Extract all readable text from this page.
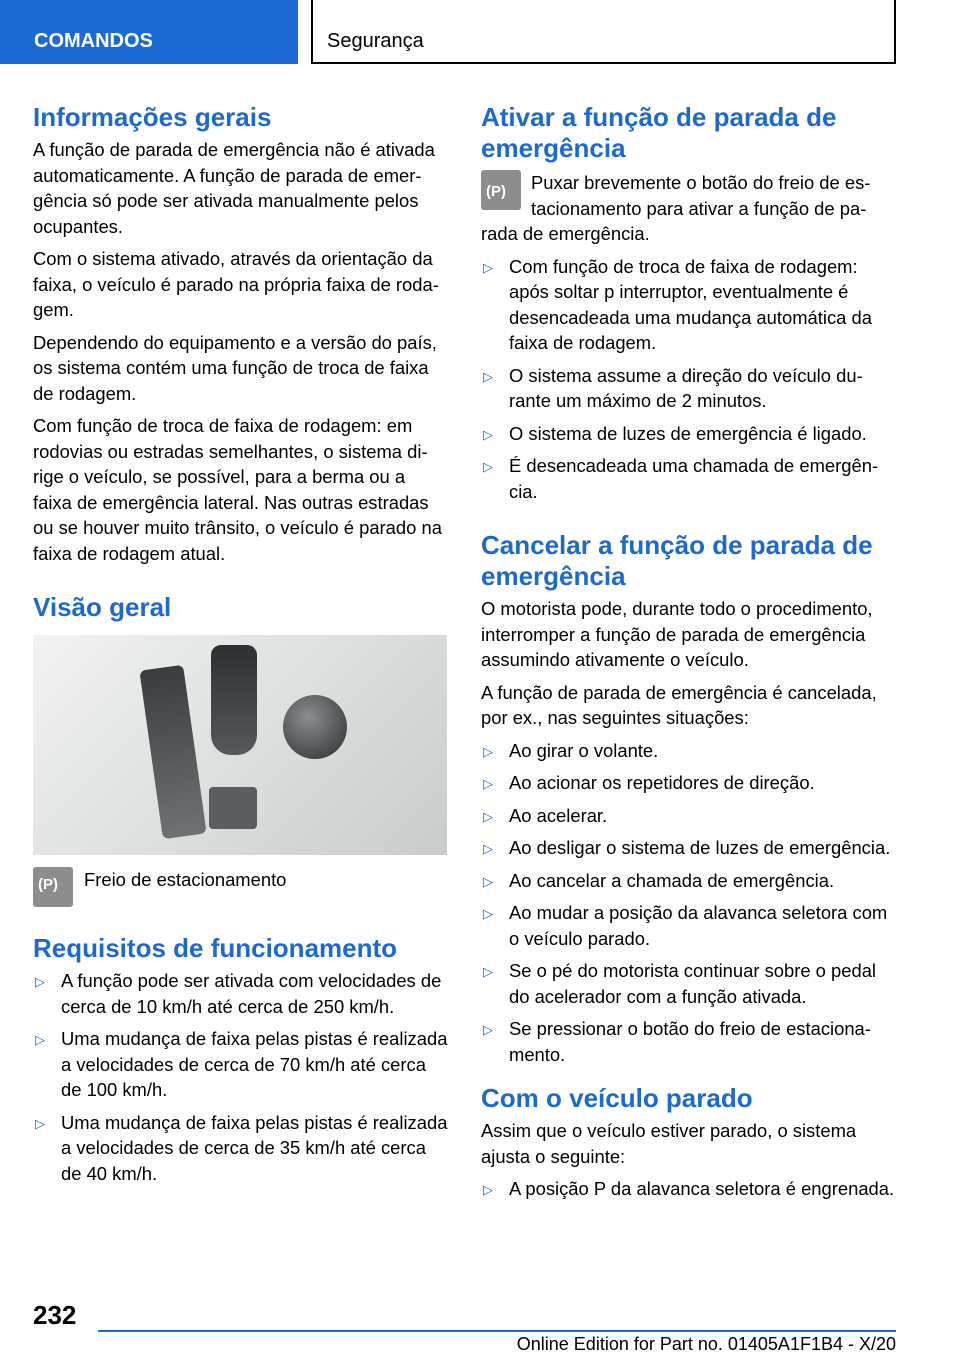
COMANDOS	Segurança
Informações gerais

A função de parada de emergência não é ativada automaticamente. A função de parada de emergência só pode ser ativada manualmente pelos ocupantes.

Com o sistema ativado, através da orientação da faixa, o veículo é parado na própria faixa de rodagem.

Dependendo do equipamento e a versão do país, os sistema contém uma função de troca de faixa de rodagem.

Com função de troca de faixa de rodagem: em rodovias ou estradas semelhantes, o sistema dirige o veículo, se possível, para a berma ou a faixa de emergência lateral. Nas outras estradas ou se houver muito trânsito, o veículo é parado na faixa de rodagem atual.

Visão geral
(P)
Freio de estacionamento
Requisitos de funcionamento
▷ A função pode ser ativada com velocidades de cerca de 10 km/h até cerca de 250 km/h.
▷ Uma mudança de faixa pelas pistas é realizada a velocidades de cerca de 70 km/h até cerca de 100 km/h.
▷ Uma mudança de faixa pelas pistas é realizada a velocidades de cerca de 35 km/h até cerca de 40 km/h.
Ativar a função de parada de emergência

(P)
Puxar brevemente o botão do freio de estacionamento para ativar a função de parada de emergência.

▷ Com função de troca de faixa de rodagem: após soltar p interruptor, eventualmente é desencadeada uma mudança automática da faixa de rodagem.
▷ O sistema assume a direção do veículo durante um máximo de 2 minutos.
▷ O sistema de luzes de emergência é ligado.
▷ É desencadeada uma chamada de emergência.
Cancelar a função de parada de emergência

O motorista pode, durante todo o procedimento, interromper a função de parada de emergência assumindo ativamente o veículo.

A função de parada de emergência é cancelada, por ex., nas seguintes situações:

▷ Ao girar o volante.
▷ Ao acionar os repetidores de direção.
▷ Ao acelerar.
▷ Ao desligar o sistema de luzes de emergência.
▷ Ao cancelar a chamada de emergência.
▷ Ao mudar a posição da alavanca seletora com o veículo parado.
▷ Se o pé do motorista continuar sobre o pedal do acelerador com a função ativada.
▷ Se pressionar o botão do freio de estacionamento.
Com o veículo parado

Assim que o veículo estiver parado, o sistema ajusta o seguinte:

▷ A posição P da alavanca seletora é engrenada.
232
Online Edition for Part no. 01405A1F1B4 - X/20
